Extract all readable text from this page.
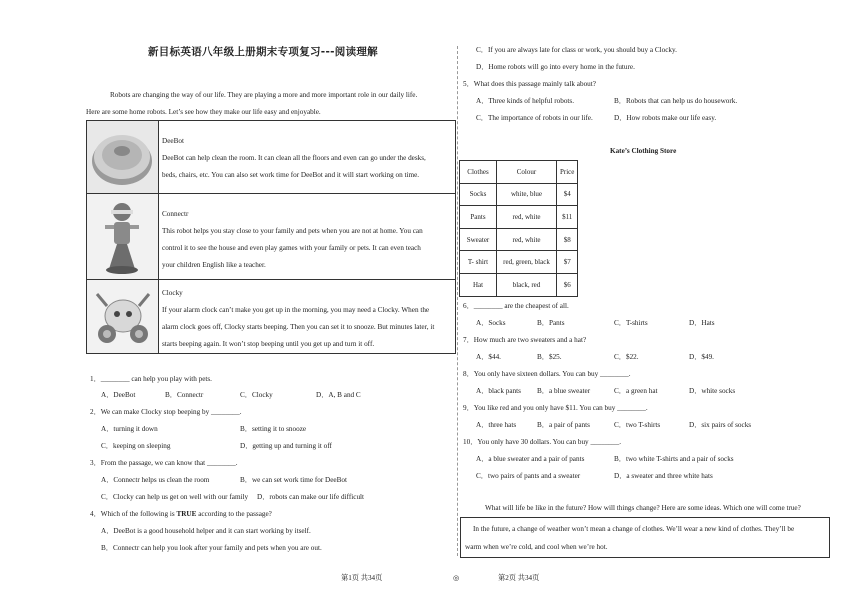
新目标英语八年级上册期末专项复习---阅读理解
Robots are changing the way of our life. They are playing a more and more important role in our daily life.
Here are some home robots. Let’s see how they make our life easy and enjoyable.
DeeBot
DeeBot can help clean the room. It can clean all the floors and even can go under the desks,
beds, chairs, etc. You can also set work time for DeeBot and it will start working on time.
Connectr
This robot helps you stay close to your family and pets when you are not at home. You can
control it to see the house and even play games with your family or pets. It can even teach
your children English like a teacher.
Clocky
If your alarm clock can’t make you get up in the morning, you may need a Clocky. When the
alarm clock goes off, Clocky starts beeping. Then you can set it to snooze. But minutes later, it
starts beeping again. It won’t stop beeping until you get up and turn it off.
1．________ can help you play with pets.
A．DeeBot	B．Connectr	C．Clocky	D．A, B and C
2．We can make Clocky stop beeping by ________.
A．turning it down	B．setting it to snooze
C．keeping on sleeping	D．getting up and turning it off
3．From the passage, we can know that ________.
A．Connectr helps us clean the room	B．we can set work time for DeeBot
C．Clocky can help us get on well with our family D．robots can make our life difficult
4．Which of the following is TRUE according to the passage?
A．DeeBot is a good household helper and it can start working by itself.
B．Connectr can help you look after your family and pets when you are out.
第1页 共34页	◎
C．If you are always late for class or work, you should buy a Clocky.
D．Home robots will go into every home in the future.
5．What does this passage mainly talk about?
A．Three kinds of helpful robots.	B．Robots that can help us do housework.
C．The importance of robots in our life.	D．How robots make our life easy.
Kate’s Clothing Store
Clothes	Colour	Price
Socks	white, blue	$4
Pants	red, white	$11
Sweater	red, white	$8
T- shirt	red, green, black	$7
Hat	black, red	$6
6．________ are the cheapest of all.
A．Socks	B．Pants	C．T-shirts	D．Hats
7．How much are two sweaters and a hat?
A．$44.	B．$25.	C．$22.	D．$49.
8．You only have sixteen dollars. You can buy ________.
A．black pants B．a blue sweater	C．a green hat	D．white socks
9．You like red and you only have $11. You can buy ________.
A．three hats	B．a pair of pants	C．two T-shirts	D．six pairs of socks
10．You only have 30 dollars. You can buy ________.
A．a blue sweater and a pair of pants	B．two white T-shirts and a pair of socks
C．two pairs of pants and a sweater	D．a sweater and three white hats
What will life be like in the future? How will things change? Here are some ideas. Which one will come true?

In the future, a change of weather won’t mean a change of clothes. We’ll wear a new kind of clothes. They’ll be

warm when we’re cold, and cool when we’re hot.

第2页 共34页
